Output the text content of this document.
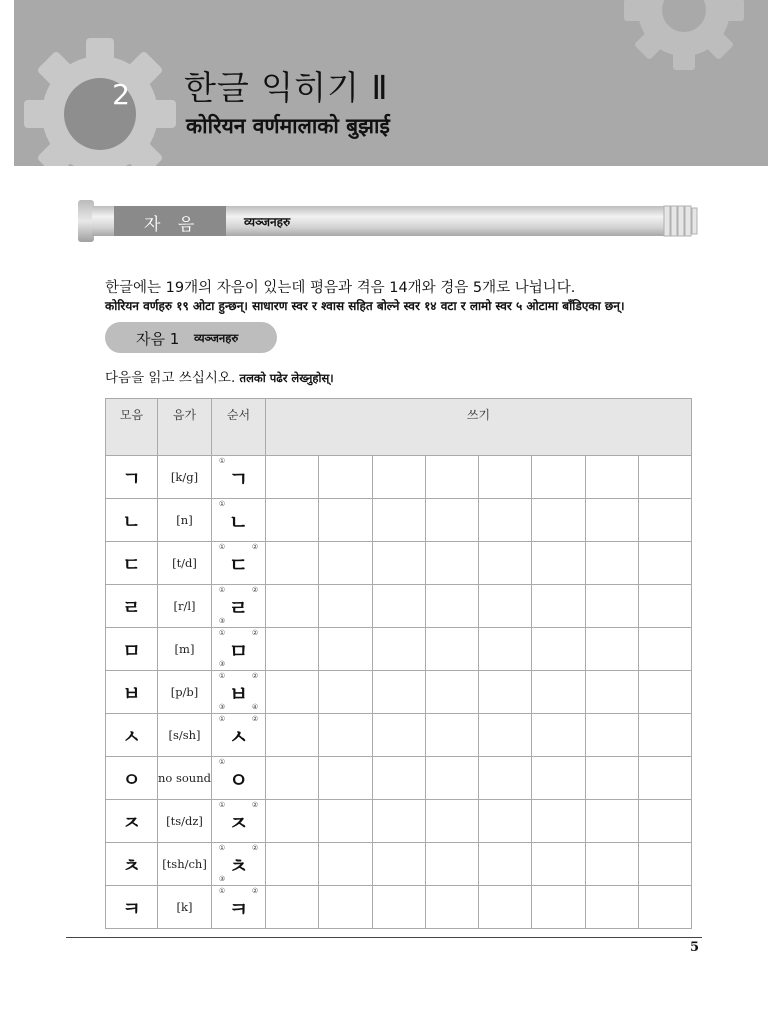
2	한글 익히기 Ⅱ
कोरियन वर्णमालाको बुझाई
자 음	व्यञ्जनहरु
한글에는 19개의 자음이 있는데 평음과 격음 14개와 경음 5개로 나뉩니다.
कोरियन वर्णहरु १९ ओटा हुन्छन्। साधारण स्वर र श्वास सहित बोल्ने स्वर १४ वटा र लामो स्वर ५ ओटामा बाँडिएका छन्।
자음 1 व्यञ्जनहरु
다음을 읽고 쓰십시오. तलको पढेर लेख्नुहोस्।
모음	음가	순서	쓰기							
ㄱ	[k/g]	ㄱ
①								

ㄴ	[n]	ㄴ
①								

ㄷ	[t/d]	ㄷ
① ②								

ㄹ	[r/l]	ㄹ
① ②
③								

ㅁ	[m]	ㅁ
① ②
③								

ㅂ	[p/b]	ㅂ
① ②
③ ④								

ㅅ	[s/sh]	ㅅ
① ②								

ㅇ	no sound	ㅇ
①								

ㅈ	[ts/dz]	ㅈ
① ②								

ㅊ	[tsh/ch]	ㅊ
① ②
③								

ㅋ	[k]	ㅋ
① ②								

5
